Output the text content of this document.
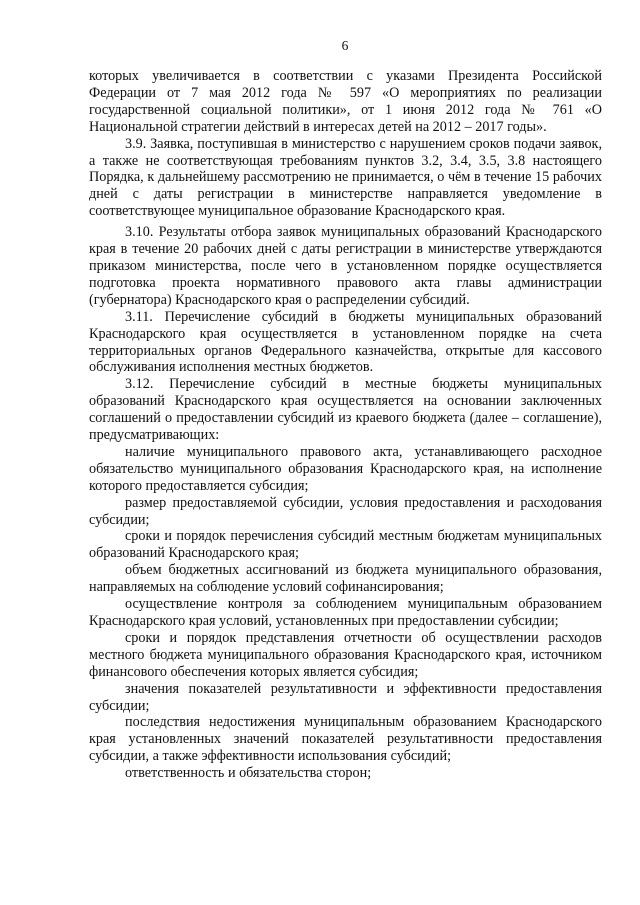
6

которых увеличивается в соответствии с указами Президента Российской Федерации от 7 мая 2012 года № 597 «О мероприятиях по реализации государственной социальной политики», от 1 июня 2012 года № 761 «О Национальной стратегии действий в интересах детей на 2012 – 2017 годы».

3.9. Заявка, поступившая в министерство с нарушением сроков подачи заявок, а также не соответствующая требованиям пунктов 3.2, 3.4, 3.5, 3.8 настоящего Порядка, к дальнейшему рассмотрению не принимается, о чём в течение 15 рабочих дней с даты регистрации в министерстве направляется уведомление в соответствующее муниципальное образование Краснодарского края.

3.10. Результаты отбора заявок муниципальных образований Краснодарского края в течение 20 рабочих дней с даты регистрации в министерстве утверждаются приказом министерства, после чего в установленном порядке осуществляется подготовка проекта нормативного правового акта главы администрации (губернатора) Краснодарского края о распределении субсидий.

3.11. Перечисление субсидий в бюджеты муниципальных образований Краснодарского края осуществляется в установленном порядке на счета территориальных органов Федерального казначейства, открытые для кассового обслуживания исполнения местных бюджетов.

3.12. Перечисление субсидий в местные бюджеты муниципальных образований Краснодарского края осуществляется на основании заключенных соглашений о предоставлении субсидий из краевого бюджета (далее – соглашение), предусматривающих:

наличие муниципального правового акта, устанавливающего расходное обязательство муниципального образования Краснодарского края, на исполнение которого предоставляется субсидия;

размер предоставляемой субсидии, условия предоставления и расходования субсидии;

сроки и порядок перечисления субсидий местным бюджетам муниципальных образований Краснодарского края;

объем бюджетных ассигнований из бюджета муниципального образования, направляемых на соблюдение условий софинансирования;

осуществление контроля за соблюдением муниципальным образованием Краснодарского края условий, установленных при предоставлении субсидии;

сроки и порядок представления отчетности об осуществлении расходов местного бюджета муниципального образования Краснодарского края, источником финансового обеспечения которых является субсидия;

значения показателей результативности и эффективности предоставления субсидии;

последствия недостижения муниципальным образованием Краснодарского края установленных значений показателей результативности предоставления субсидии, а также эффективности использования субсидий;

ответственность и обязательства сторон;
